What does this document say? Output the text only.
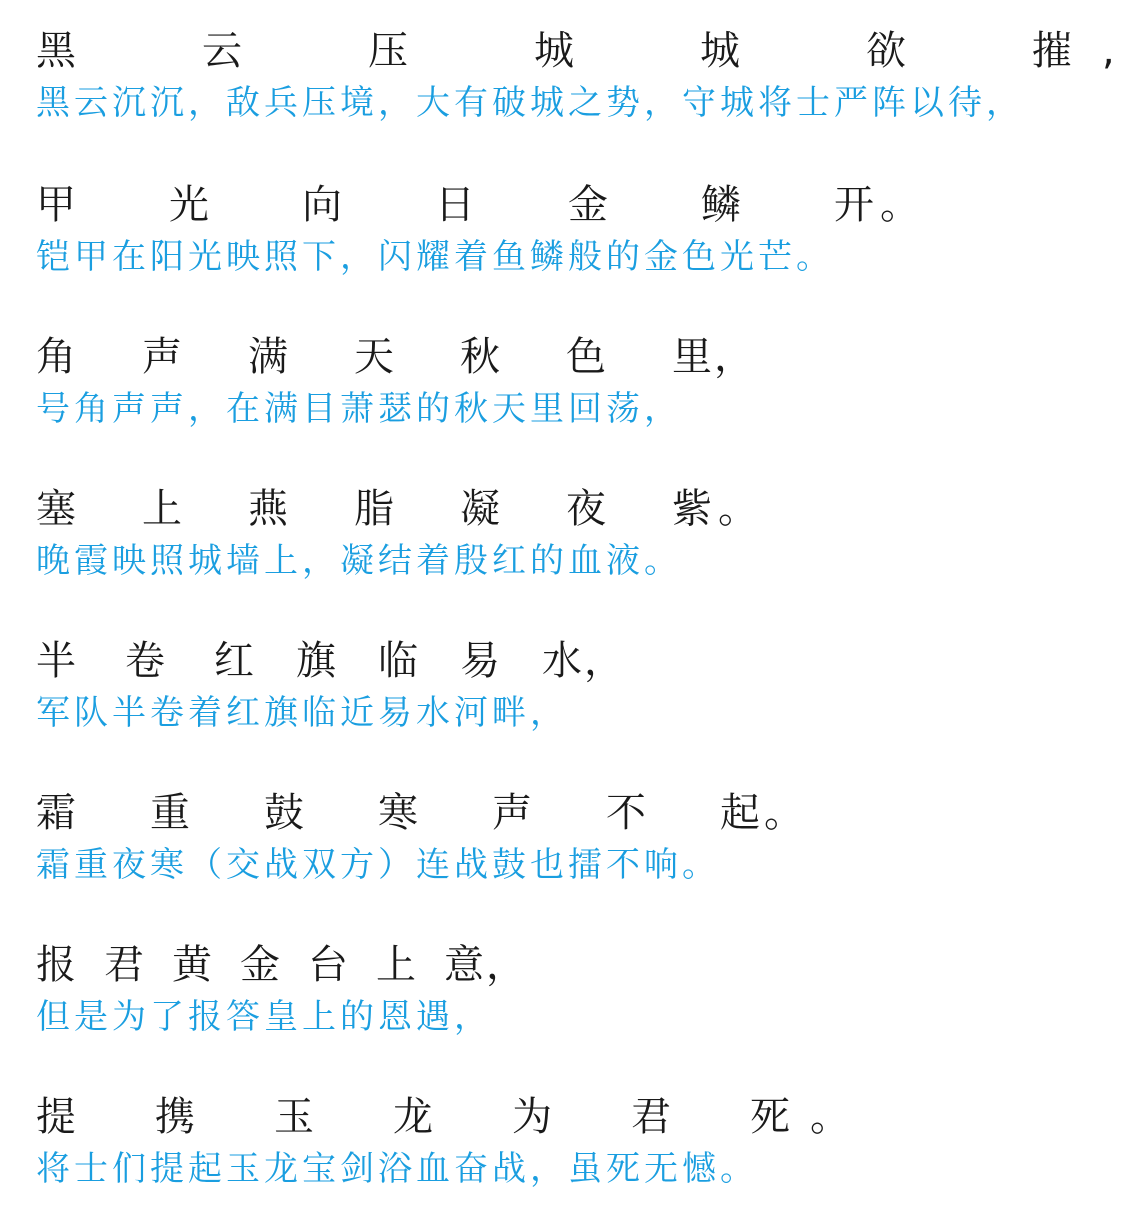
黑	云	压	城	城	欲	摧 ,
黑云沉沉，敌兵压境，大有破城之势，守城将士严阵以待，
甲	光	向	日	金	鳞	开 。
铠甲在阳光映照下，闪耀着鱼鳞般的金色光芒。
角	声	满	天	秋	色	里 ，
号角声声，在满目萧瑟的秋天里回荡，
塞	上	燕	脂	凝	夜	紫 。
晚霞映照城墙上，凝结着殷红的血液。
半	卷	红	旗	临	易	水 ，
军队半卷着红旗临近易水河畔，
霜	重	鼓	寒	声	不	起 。
霜重夜寒（交战双方）连战鼓也擂不响。
报 君 黄 金 台 上 意 ，
但是为了报答皇上的恩遇，
提	携	玉	龙	为	君	死 。
将士们提起玉龙宝剑浴血奋战，虽死无憾。
